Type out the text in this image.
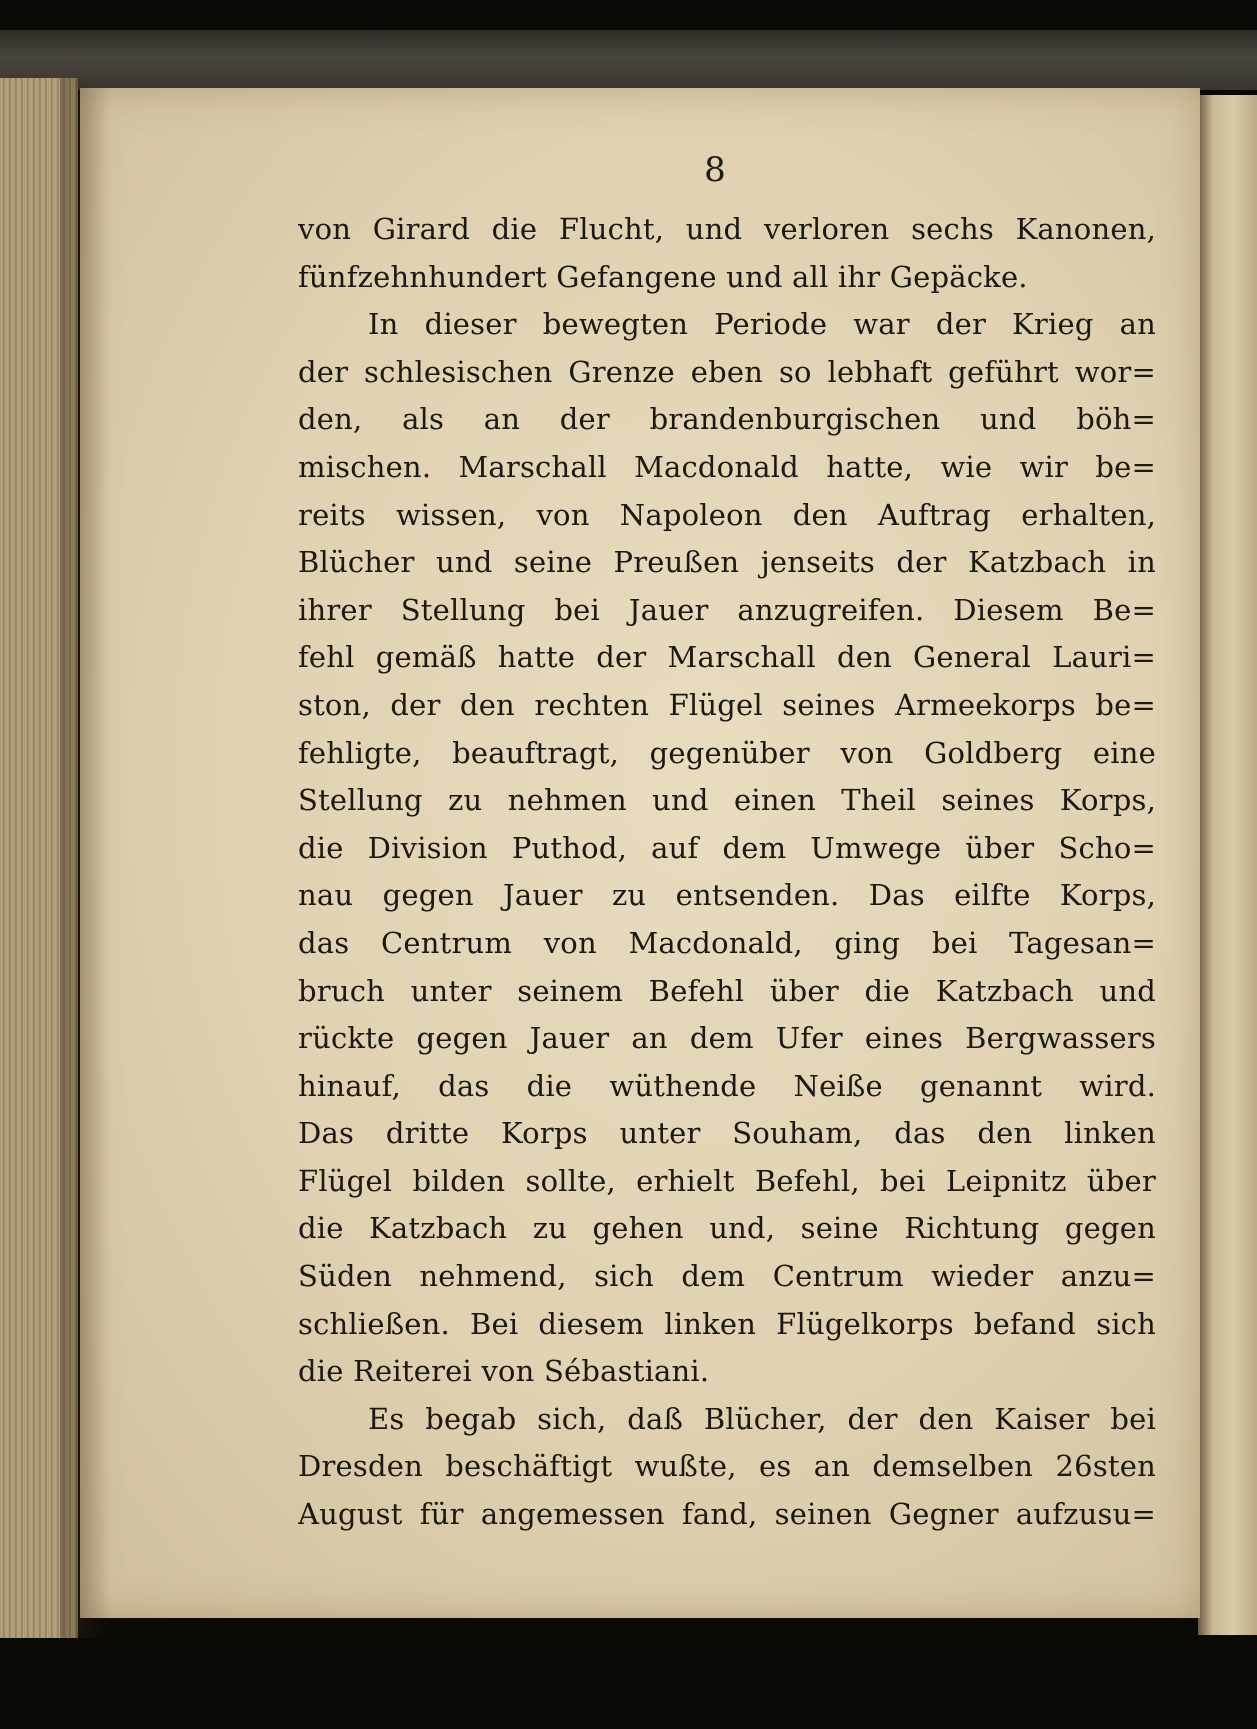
8
von Girard die Flucht, und verloren sechs Kanonen,
fünfzehnhundert Gefangene und all ihr Gepäcke.
In dieser bewegten Periode war der Krieg an
der schlesischen Grenze eben so lebhaft geführt wor=
den, als an der brandenburgischen und böh=
mischen. Marschall Macdonald hatte, wie wir be=
reits wissen, von Napoleon den Auftrag erhalten,
Blücher und seine Preußen jenseits der Katzbach in
ihrer Stellung bei Jauer anzugreifen. Diesem Be=
fehl gemäß hatte der Marschall den General Lauri=
ston, der den rechten Flügel seines Armeekorps be=
fehligte, beauftragt, gegenüber von Goldberg eine
Stellung zu nehmen und einen Theil seines Korps,
die Division Puthod, auf dem Umwege über Scho=
nau gegen Jauer zu entsenden. Das eilfte Korps,
das Centrum von Macdonald, ging bei Tagesan=
bruch unter seinem Befehl über die Katzbach und
rückte gegen Jauer an dem Ufer eines Bergwassers
hinauf, das die wüthende Neiße genannt wird.
Das dritte Korps unter Souham, das den linken
Flügel bilden sollte, erhielt Befehl, bei Leipnitz über
die Katzbach zu gehen und, seine Richtung gegen
Süden nehmend, sich dem Centrum wieder anzu=
schließen. Bei diesem linken Flügelkorps befand sich
die Reiterei von Sébastiani.
Es begab sich, daß Blücher, der den Kaiser bei
Dresden beschäftigt wußte, es an demselben 26sten
August für angemessen fand, seinen Gegner aufzusu=
